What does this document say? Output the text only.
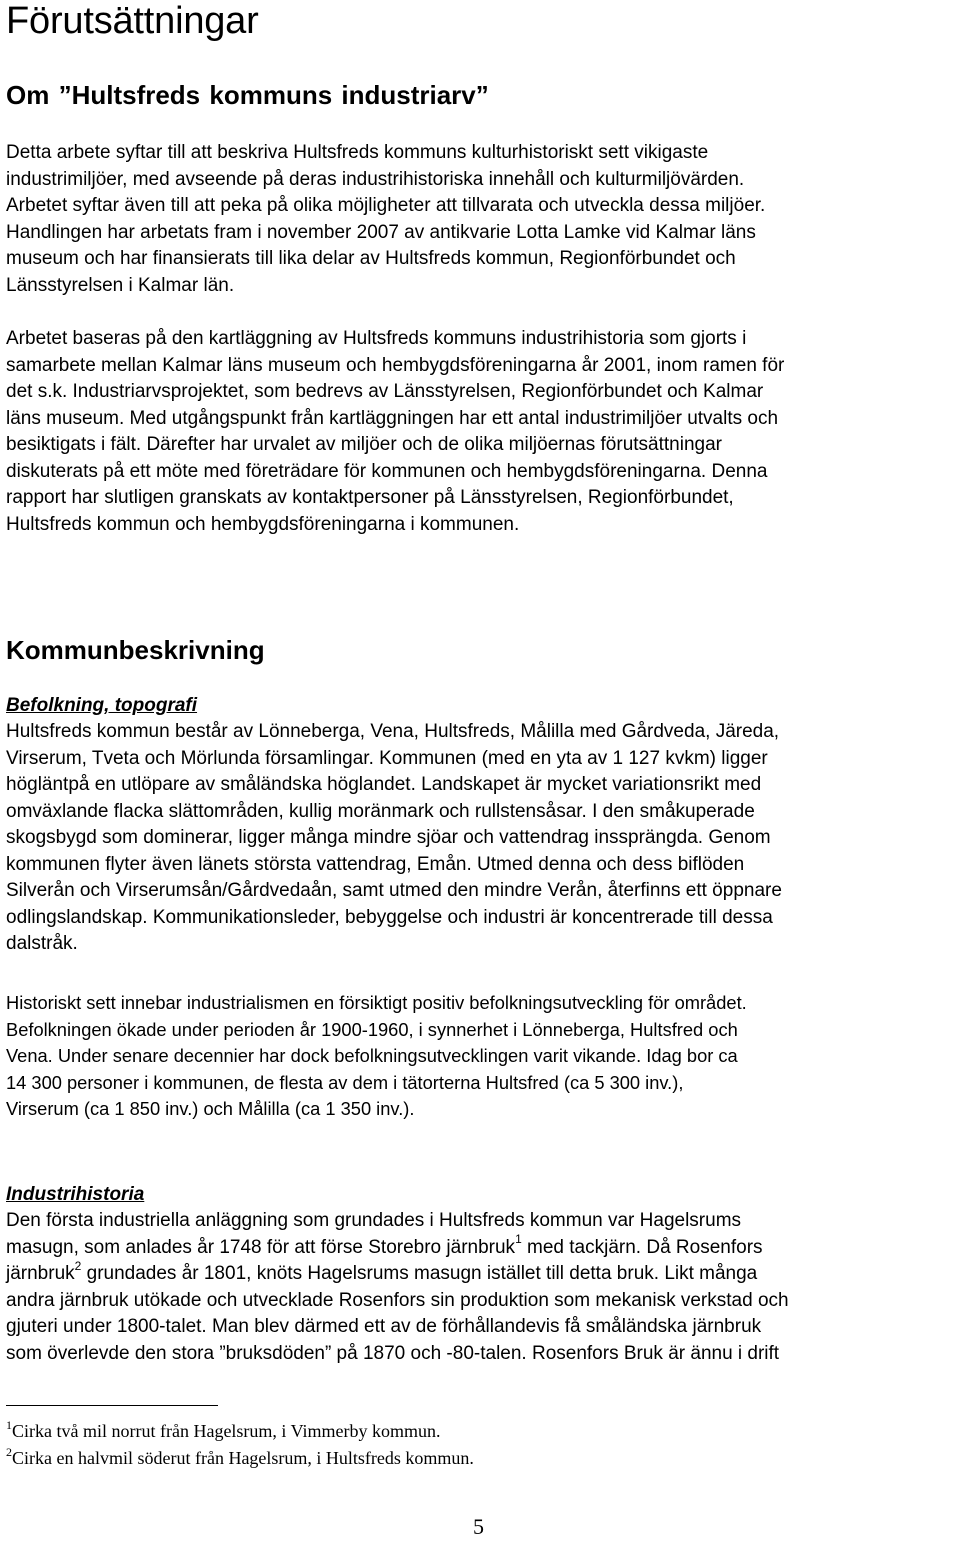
Förutsättningar
Om ”Hultsfreds kommuns industriarv”

Detta arbete syftar till att beskriva Hultsfreds kommuns kulturhistoriskt sett vikigaste
industrimiljöer, med avseende på deras industrihistoriska innehåll och kulturmiljövärden.
Arbetet syftar även till att peka på olika möjligheter att tillvarata och utveckla dessa miljöer.
Handlingen har arbetats fram i november 2007 av antikvarie Lotta Lamke vid Kalmar läns
museum och har finansierats till lika delar av Hultsfreds kommun, Regionförbundet och
Länsstyrelsen i Kalmar län.

Arbetet baseras på den kartläggning av Hultsfreds kommuns industrihistoria som gjorts i
samarbete mellan Kalmar läns museum och hembygdsföreningarna år 2001, inom ramen för
det s.k. Industriarvsprojektet, som bedrevs av Länsstyrelsen, Regionförbundet och Kalmar
läns museum. Med utgångspunkt från kartläggningen har ett antal industrimiljöer utvalts och
besiktigats i fält. Därefter har urvalet av miljöer och de olika miljöernas förutsättningar
diskuterats på ett möte med företrädare för kommunen och hembygdsföreningarna. Denna
rapport har slutligen granskats av kontaktpersoner på Länsstyrelsen, Regionförbundet,
Hultsfreds kommun och hembygdsföreningarna i kommunen.

Kommunbeskrivning
Befolkning, topografi

Hultsfreds kommun består av Lönneberga, Vena, Hultsfreds, Målilla med Gårdveda, Järeda,
Virserum, Tveta och Mörlunda församlingar. Kommunen (med en yta av 1 127 kvkm) ligger
högläntpå en utlöpare av småländska höglandet. Landskapet är mycket variationsrikt med
omväxlande flacka slättområden, kullig moränmark och rullstensåsar. I den småkuperade
skogsbygd som dominerar, ligger många mindre sjöar och vattendrag inssprängda. Genom
kommunen flyter även länets största vattendrag, Emån. Utmed denna och dess biflöden
Silverån och Virserumsån/Gårdvedaån, samt utmed den mindre Verån, återfinns ett öppnare
odlingslandskap. Kommunikationsleder, bebyggelse och industri är koncentrerade till dessa
dalstråk.

Historiskt sett innebar industrialismen en försiktigt positiv befolkningsutveckling för området.
Befolkningen ökade under perioden år 1900-1960, i synnerhet i Lönneberga, Hultsfred och
Vena. Under senare decennier har dock befolkningsutvecklingen varit vikande. Idag bor ca
14 300 personer i kommunen, de flesta av dem i tätorterna Hultsfred (ca 5 300 inv.),
Virserum (ca 1 850 inv.) och Målilla (ca 1 350 inv.).

Industrihistoria

Den första industriella anläggning som grundades i Hultsfreds kommun var Hagelsrums
masugn, som anlades år 1748 för att förse Storebro järnbruk$^1$ med tackjärn. Då Rosenfors
järnbruk$^2$ grundades år 1801, knöts Hagelsrums masugn istället till detta bruk. Likt många
andra järnbruk utökade och utvecklade Rosenfors sin produktion som mekanisk verkstad och
gjuteri under 1800-talet. Man blev därmed ett av de förhållandevis få småländska järnbruk
som överlevde den stora ”bruksdöden” på 1870 och -80-talen. Rosenfors Bruk är ännu i drift

$^1$Cirka två mil norrut från Hagelsrum, i Vimmerby kommun.

$^2$Cirka en halvmil söderut från Hagelsrum, i Hultsfreds kommun.

5
